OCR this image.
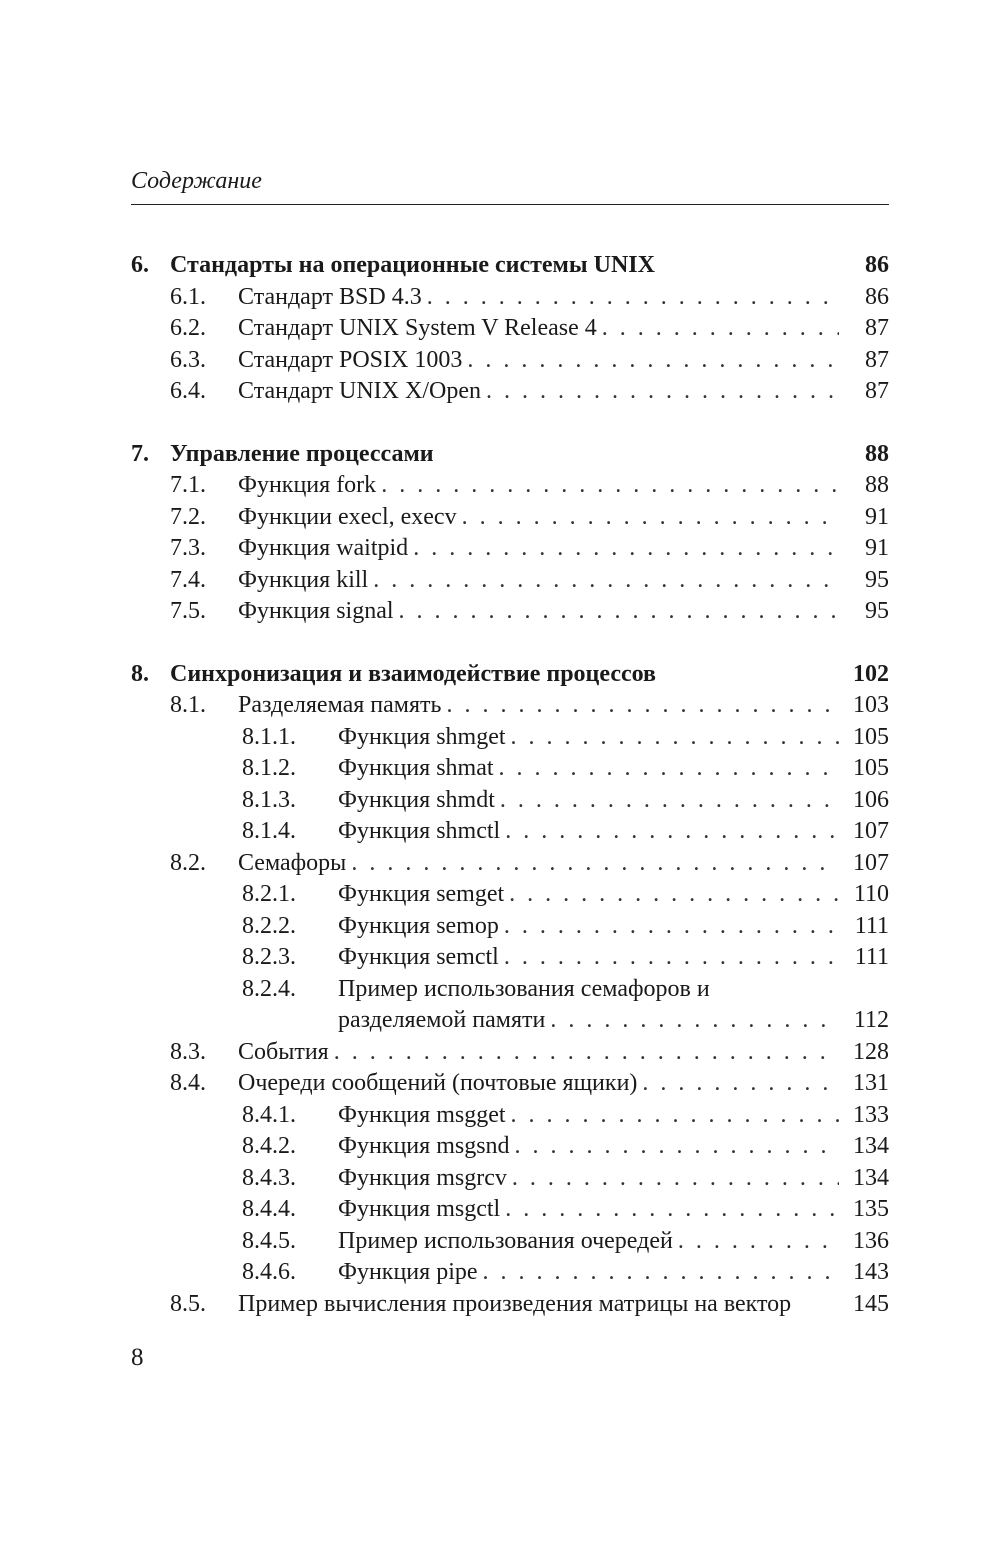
Содержание
6. Стандарты на операционные системы UNIX	86
6.1.	Стандарт BSD 4.3 . . .	86
6.2.	Стандарт UNIX System V Release 4 . . .	87
6.3.	Стандарт POSIX 1003 . . .	87
6.4.	Стандарт UNIX X/Open . . .	87
7. Управление процессами	88
7.1.	Функция fork . . .	88
7.2.	Функции execl, execv . . .	91
7.3.	Функция waitpid . . .	91
7.4.	Функция kill . . .	95
7.5.	Функция signal . . .	95
8. Синхронизация и взаимодействие процессов	102
8.1.	Разделяемая память . . .	103
8.1.1.	Функция shmget . . .	105
8.1.2.	Функция shmat . . .	105
8.1.3.	Функция shmdt . . .	106
8.1.4.	Функция shmctl . . .	107
8.2.	Семафоры . . .	107
8.2.1.	Функция semget . . .	110
8.2.2.	Функция semop . . .	111
8.2.3.	Функция semctl . . .	111
8.2.4.	Пример использования семафоров и
разделяемой памяти . . .	112
8.3.	События . . .	128
8.4.	Очереди сообщений (почтовые ящики) . . .	131
8.4.1.	Функция msgget . . .	133
8.4.2.	Функция msgsnd . . .	134
8.4.3.	Функция msgrcv . . .	134
8.4.4.	Функция msgctl . . .	135
8.4.5.	Пример использования очередей . . .	136
8.4.6.	Функция pipe . . .	143
8.5.	Пример вычисления произведения матрицы на вектор	145
8
